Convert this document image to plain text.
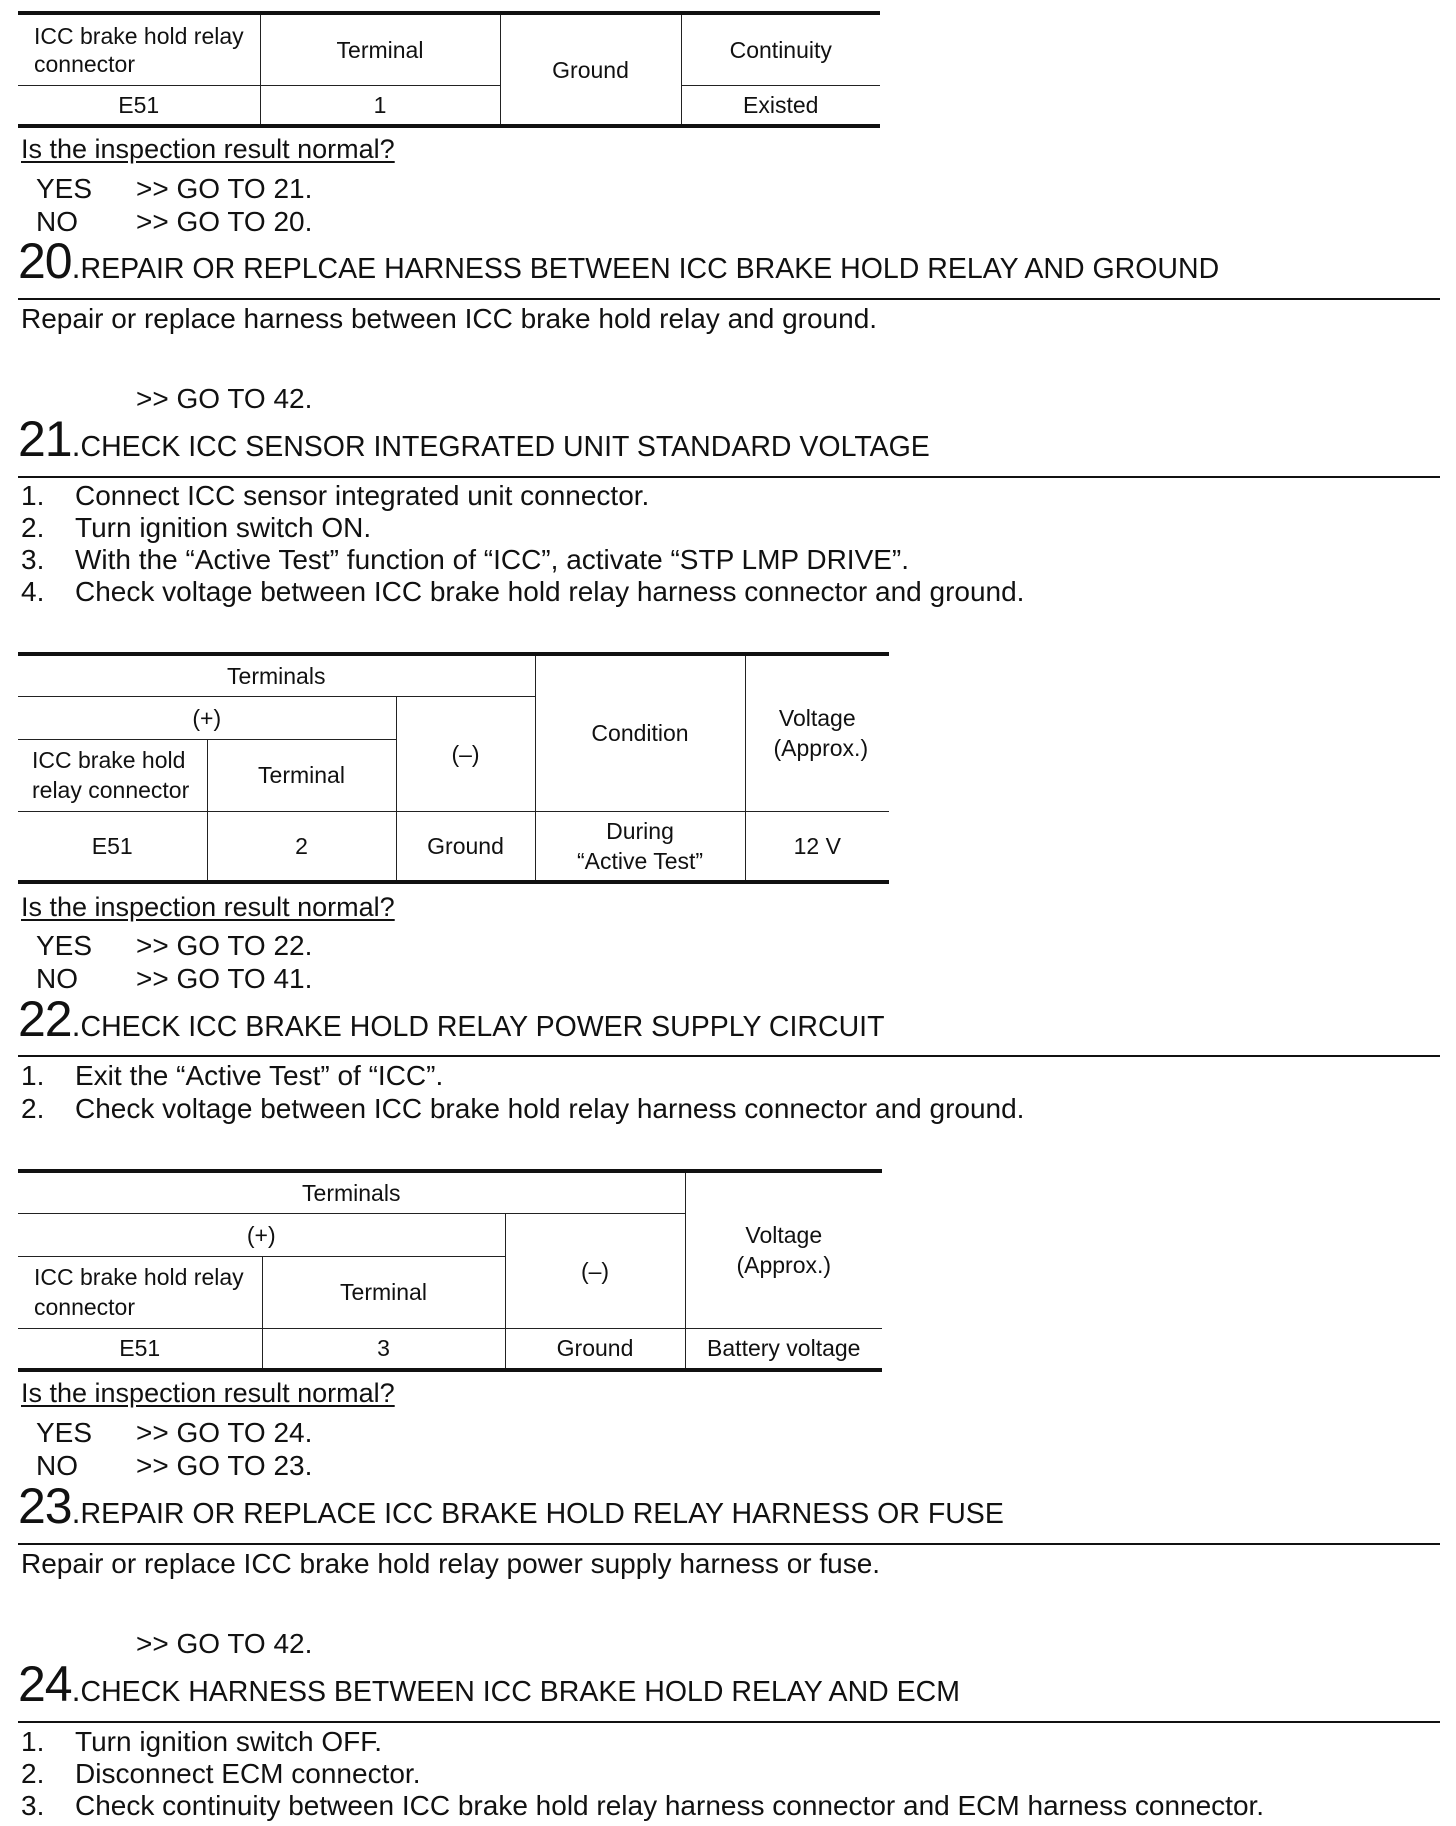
ICC brake hold relay connector	Terminal	Ground	Continuity
E51	1		Existed
Is the inspection result normal?
YES >> GO TO 21.
NO >> GO TO 20.
20.REPAIR OR REPLCAE HARNESS BETWEEN ICC BRAKE HOLD RELAY AND GROUND
Repair or replace harness between ICC brake hold relay and ground.
>> GO TO 42.
21.CHECK ICC SENSOR INTEGRATED UNIT STANDARD VOLTAGE
1. Connect ICC sensor integrated unit connector.
2. Turn ignition switch ON.
3. With the “Active Test” function of “ICC”, activate “STP LMP DRIVE”.
4. Check voltage between ICC brake hold relay harness connector and ground.
Terminals			Condition	Voltage (Approx.)
(+)		(–)		
ICC brake hold relay connector	Terminal			
E51	2	Ground	During “Active Test”	12 V
Is the inspection result normal?
YES >> GO TO 22.
NO >> GO TO 41.
22.CHECK ICC BRAKE HOLD RELAY POWER SUPPLY CIRCUIT
1. Exit the “Active Test” of “ICC”.
2. Check voltage between ICC brake hold relay harness connector and ground.
Terminals			Voltage (Approx.)
(+)		(–)	
ICC brake hold relay connector	Terminal		
E51	3	Ground	Battery voltage
Is the inspection result normal?
YES >> GO TO 24.
NO >> GO TO 23.
23.REPAIR OR REPLACE ICC BRAKE HOLD RELAY HARNESS OR FUSE
Repair or replace ICC brake hold relay power supply harness or fuse.
>> GO TO 42.
24.CHECK HARNESS BETWEEN ICC BRAKE HOLD RELAY AND ECM
1. Turn ignition switch OFF.
2. Disconnect ECM connector.
3. Check continuity between ICC brake hold relay harness connector and ECM harness connector.
